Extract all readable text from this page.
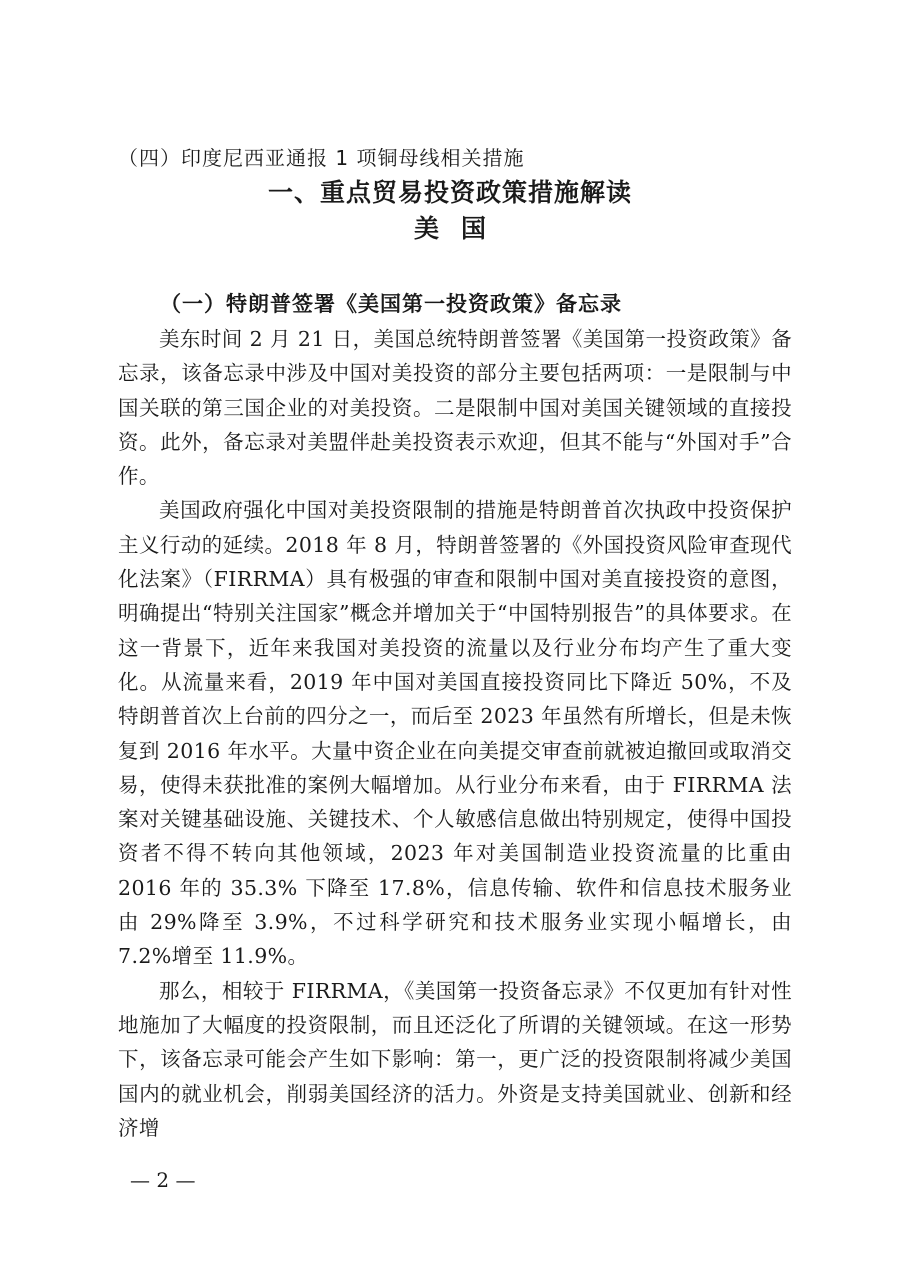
（四）印度尼西亚通报 1 项铜母线相关措施
一、重点贸易投资政策措施解读
美国
（一）特朗普签署《美国第一投资政策》备忘录

美东时间 2 月 21 日，美国总统特朗普签署《美国第一投资政策》备忘录，该备忘录中涉及中国对美投资的部分主要包括两项：一是限制与中国关联的第三国企业的对美投资。二是限制中国对美国关键领域的直接投资。此外，备忘录对美盟伴赴美投资表示欢迎，但其不能与“外国对手”合作。

美国政府强化中国对美投资限制的措施是特朗普首次执政中投资保护主义行动的延续。2018 年 8 月，特朗普签署的《外国投资风险审查现代化法案》（FIRRMA）具有极强的审查和限制中国对美直接投资的意图，明确提出“特别关注国家”概念并增加关于“中国特别报告”的具体要求。在这一背景下，近年来我国对美投资的流量以及行业分布均产生了重大变化。从流量来看，2019 年中国对美国直接投资同比下降近 50%，不及特朗普首次上台前的四分之一，而后至 2023 年虽然有所增长，但是未恢复到 2016 年水平。大量中资企业在向美提交审查前就被迫撤回或取消交易，使得未获批准的案例大幅增加。从行业分布来看，由于 FIRRMA 法案对关键基础设施、关键技术、个人敏感信息做出特别规定，使得中国投资者不得不转向其他领域，2023 年对美国制造业投资流量的比重由 2016 年的 35.3% 下降至 17.8%，信息传输、软件和信息技术服务业由 29%降至 3.9%，不过科学研究和技术服务业实现小幅增长，由 7.2%增至 11.9%。

那么，相较于 FIRRMA，《美国第一投资备忘录》不仅更加有针对性地施加了大幅度的投资限制，而且还泛化了所谓的关键领域。在这一形势下，该备忘录可能会产生如下影响：第一，更广泛的投资限制将减少美国国内的就业机会，削弱美国经济的活力。外资是支持美国就业、创新和经济增

— 2 —
